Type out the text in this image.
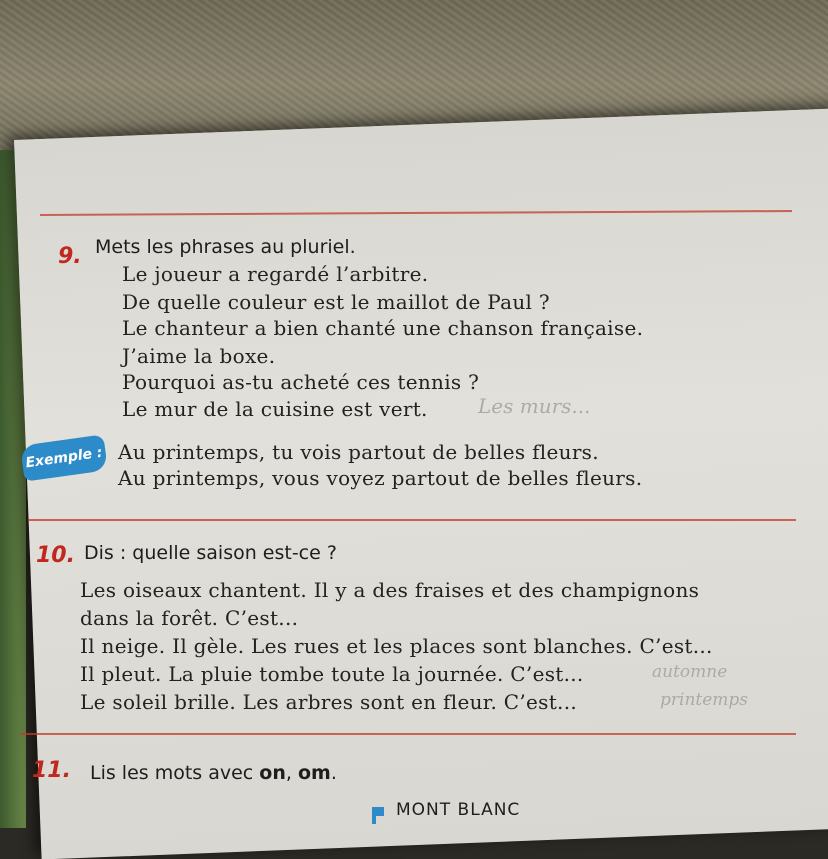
9. Mets les phrases au pluriel.
Le joueur a regardé l’arbitre.
De quelle couleur est le maillot de Paul ?
Le chanteur a bien chanté une chanson française.
J’aime la boxe.
Pourquoi as-tu acheté ces tennis ?
Le mur de la cuisine est vert.	Les murs...
Exemple : Au printemps, tu vois partout de belles fleurs.
Au printemps, vous voyez partout de belles fleurs.
10. Dis : quelle saison est-ce ?
Les oiseaux chantent. Il y a des fraises et des champignons
dans la forêt. C’est...
Il neige. Il gèle. Les rues et les places sont blanches. C’est...
Il pleut. La pluie tombe toute la journée. C’est...
Le soleil brille. Les arbres sont en fleur. C’est...
automne
printemps
11. Lis les mots avec on, om.
MONT BLANC
